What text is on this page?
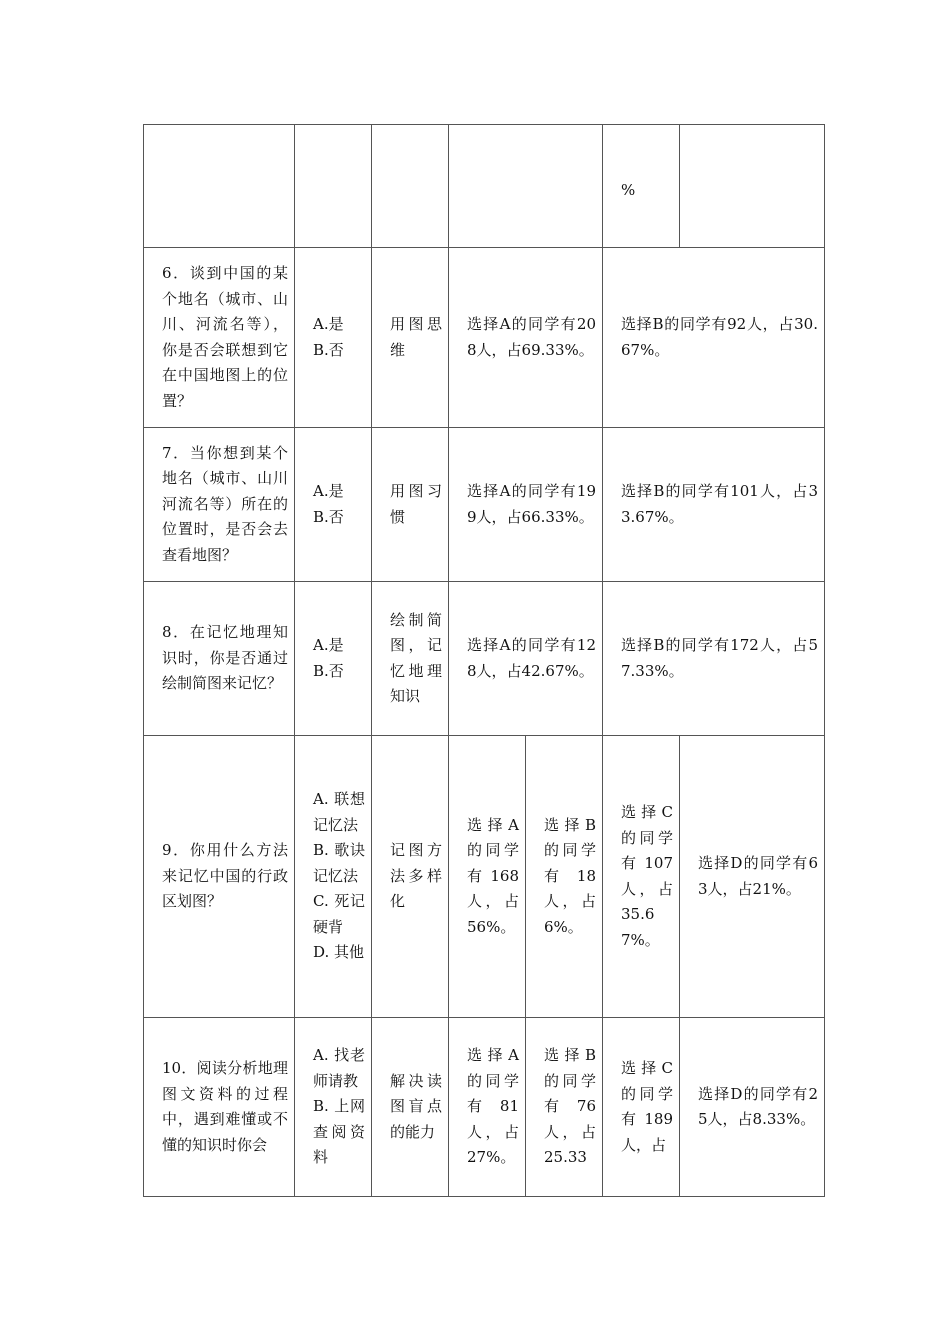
					%	
6．谈到中国的某个地名（城市、山川、河流名等），你是否会联想到它在中国地图上的位置？	A.是
B.否	用图思维	选择A的同学有208人，占69.33%。		选择B的同学有92人，占30.67%。	
7．当你想到某个地名（城市、山川河流名等）所在的位置时，是否会去查看地图？	A.是
B.否	用图习惯	选择A的同学有199人，占66.33%。		选择B的同学有101人，占33.67%。	
8．在记忆地理知识时，你是否通过绘制简图来记忆？	A.是
B.否	绘制简图，记忆地理知识	选择A的同学有128人，占42.67%。		选择B的同学有172人，占57.33%。	
9．你用什么方法来记忆中国的行政区划图？	A. 联想记忆法
B. 歌诀记忆法
C. 死记硬背
D. 其他	记图方法多样化	选择A的同学有168人，占56%。	选择B的同学有18人，占6%。	选择C的同学有107人，占35.67%。	选择D的同学有63人，占21%。
10．阅读分析地理图文资料的过程中，遇到难懂或不懂的知识时你会	A. 找老师请教
B. 上网查阅资料	解决读图盲点的能力	选择A的同学有81人，占27%。	选择B的同学有76人，占25.33	选择C的同学有189人，占	选择D的同学有25人，占8.33%。
